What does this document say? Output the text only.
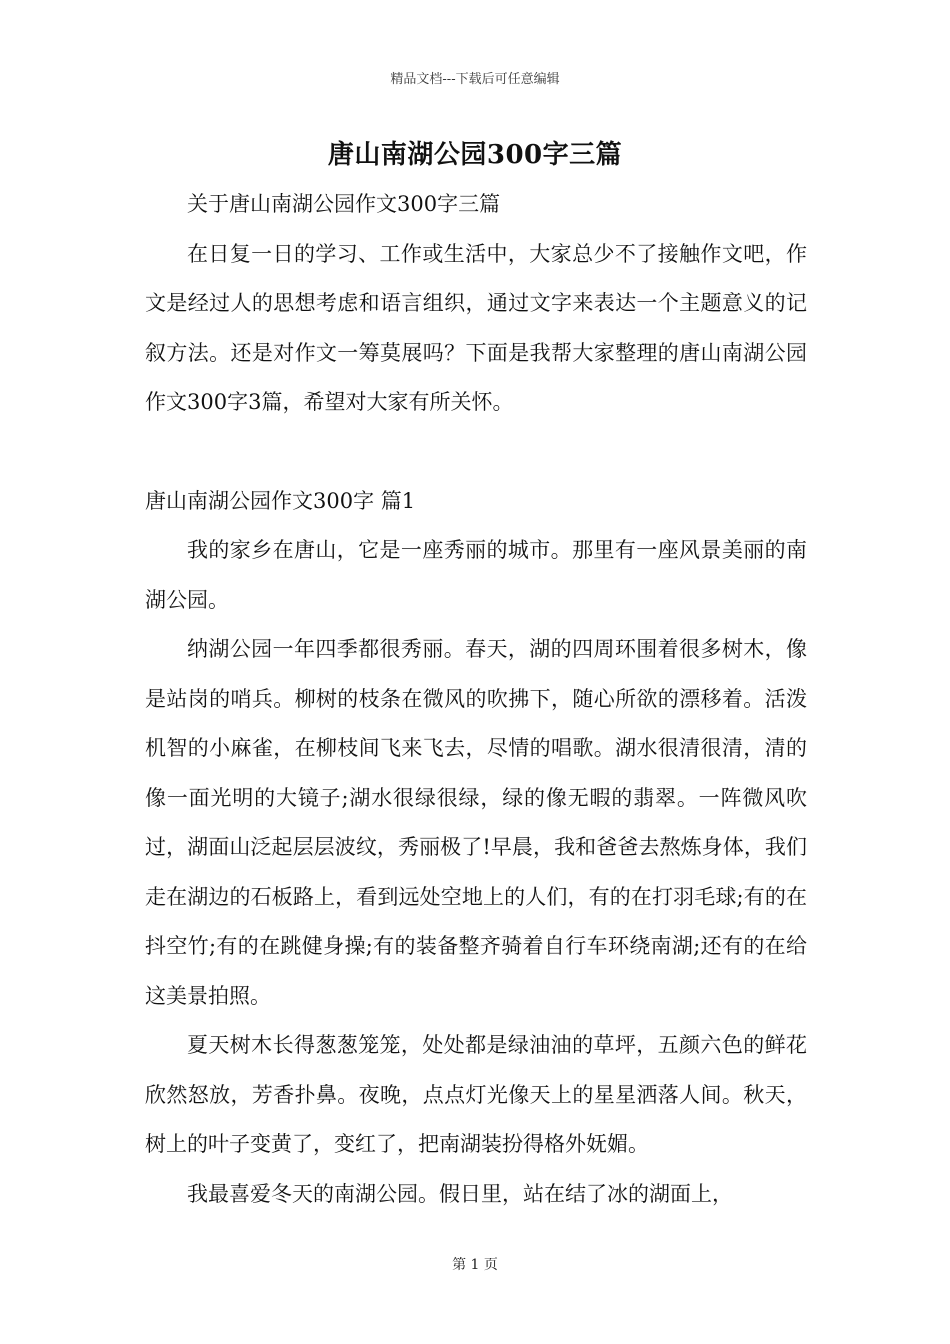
精品文档---下载后可任意编辑
唐山南湖公园300字三篇

关于唐山南湖公园作文300字三篇

在日复一日的学习、工作或生活中，大家总少不了接触作文吧，作文是经过人的思想考虑和语言组织，通过文字来表达一个主题意义的记叙方法。还是对作文一筹莫展吗？下面是我帮大家整理的唐山南湖公园作文300字3篇，希望对大家有所关怀。

唐山南湖公园作文300字 篇1

我的家乡在唐山，它是一座秀丽的城市。那里有一座风景美丽的南湖公园。

纳湖公园一年四季都很秀丽。春天，湖的四周环围着很多树木，像是站岗的哨兵。柳树的枝条在微风的吹拂下，随心所欲的漂移着。活泼机智的小麻雀，在柳枝间飞来飞去，尽情的唱歌。湖水很清很清，清的像一面光明的大镜子;湖水很绿很绿，绿的像无暇的翡翠。一阵微风吹过，湖面山泛起层层波纹，秀丽极了!早晨，我和爸爸去熬炼身体，我们走在湖边的石板路上，看到远处空地上的人们，有的在打羽毛球;有的在抖空竹;有的在跳健身操;有的装备整齐骑着自行车环绕南湖;还有的在给这美景拍照。

夏天树木长得葱葱笼笼，处处都是绿油油的草坪，五颜六色的鲜花欣然怒放，芳香扑鼻。夜晚，点点灯光像天上的星星洒落人间。秋天，树上的叶子变黄了，变红了，把南湖装扮得格外妩媚。

我最喜爱冬天的南湖公园。假日里，站在结了冰的湖面上，

第 1 页
